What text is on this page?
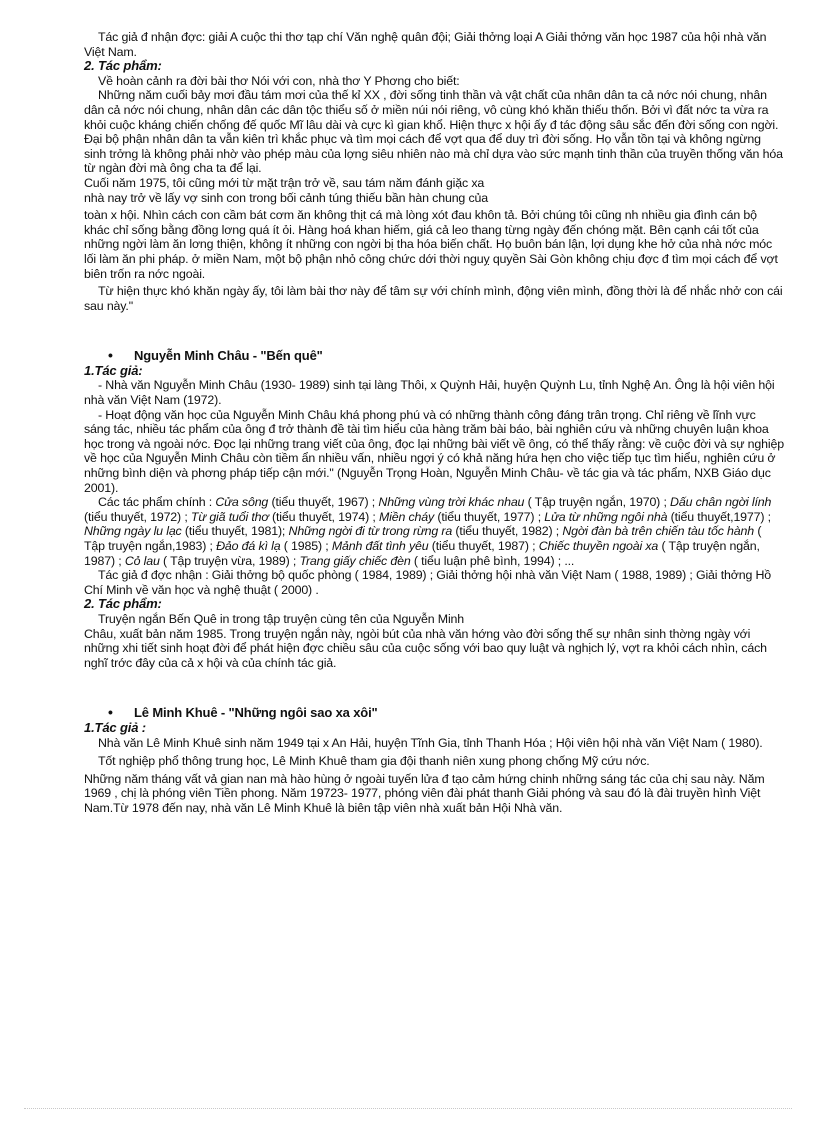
Tác giả đ nhận đợc: giải A cuộc thi thơ tạp chí Văn nghệ quân đội; Giải thởng loại A Giải thởng văn học 1987 của hội nhà văn Việt Nam.

2. Tác phẩm:

Về hoàn cảnh ra đời bài thơ Nói với con, nhà thơ Y Phơng cho biết:

Những năm cuối bảy mơi đầu tám mơi của thế kỉ XX , đời sống tinh thần và vật chất của nhân dân ta cả nớc nói chung, nhân dân cả nớc nói chung, nhân dân các dân tộc thiểu số ở miền núi nói riêng, vô cùng khó khăn thiếu thốn. Bởi vì đất nớc ta vừa ra khỏi cuộc kháng chiến chống đế quốc Mĩ lâu dài và cực kì gian khổ. Hiện thực x hội ấy đ tác động sâu sắc đến đời sống con ngời. Đại bộ phận nhân dân ta vẫn kiên trì khắc phục và tìm mọi cách để vợt qua để duy trì đời sống. Họ vẫn tồn tại và không ngừng sinh trởng là không phải nhờ vào phép màu của lợng siêu nhiên nào mà chỉ dựa vào sức mạnh tinh thần của truyền thống văn hóa từ ngàn đời mà ông cha ta để lại.

Cuối năm 1975, tôi cũng mới từ mặt trận trở về, sau tám năm đánh giặc xa

nhà nay trở về lấy vợ sinh con trong bối cảnh túng thiếu bần hàn chung của

toàn x hội. Nhìn cách con cầm bát cơm ăn không thịt cá mà lòng xót đau khôn tả. Bởi chúng tôi cũng nh nhiều gia đình cán bộ khác chỉ sống bằng đồng lơng quá ít ỏi. Hàng hoá khan hiếm, giá cả leo thang từng ngày đến chóng mặt. Bên cạnh cái tốt của những ngời làm ăn lơng thiện, không ít những con ngời bị tha hóa biến chất. Họ buôn bán lận, lợi dụng khe hở của nhà nớc móc lối làm ăn phi pháp. ở miền Nam, một bộ phận nhỏ công chức dới thời nguỵ quyền Sài Gòn không chịu đợc đ tìm mọi cách để vợt biên trốn ra nớc ngoài.

Từ hiện thực khó khăn ngày ấy, tôi làm bài thơ này để tâm sự với chính mình, động viên mình, đồng thời là để nhắc nhở con cái sau này."

• Nguyễn Minh Châu - "Bến quê"

1.Tác giả:

- Nhà văn Nguyễn Minh Châu (1930- 1989) sinh tại làng Thôi, x Quỳnh Hải, huyện Quỳnh Lu, tỉnh Nghệ An. Ông là hội viên hội nhà văn Việt Nam (1972).

- Hoạt động văn học của Nguyễn Minh Châu khá phong phú và có những thành công đáng trân trọng. Chỉ riêng về lĩnh vực sáng tác, nhiều tác phẩm của ông đ trở thành đề tài tìm hiểu của hàng trăm bài báo, bài nghiên cứu và những chuyên luận khoa học trong và ngoài nớc. Đọc lại những trang viết của ông, đọc lại những bài viết về ông, có thể thấy rằng: về cuộc đời và sự nghiệp về học của Nguyễn Minh Châu còn tiềm ẩn nhiều vấn, nhiều ngợi ý có khả năng hứa hẹn cho việc tiếp tục tìm hiểu, nghiên cứu ở những bình diện và phơng pháp tiếp cận mới." (Nguyễn Trọng Hoàn, Nguyễn Minh Châu- về tác gia và tác phẩm, NXB Giáo dục 2001).

Các tác phẩm chính : Cửa sông (tiểu thuyết, 1967) ; Những vùng trời khác nhau ( Tập truyện ngắn, 1970) ; Dấu chân ngời lính (tiểu thuyết, 1972) ; Từ giã tuổi thơ (tiểu thuyết, 1974) ; Miền cháy (tiểu thuyết, 1977) ; Lửa từ những ngôi nhà (tiểu thuyết,1977) ; Những ngày lu lạc (tiểu thuyết, 1981); Những ngời đi từ trong rừng ra (tiểu thuyết, 1982) ; Ngời đàn bà trên chiến tàu tốc hành ( Tập truyện ngắn,1983) ; Đảo đá kì lạ ( 1985) ; Mảnh đất tình yêu (tiểu thuyết, 1987) ; Chiếc thuyền ngoài xa ( Tập truyện ngắn, 1987) ; Cỏ lau ( Tập truyện vừa, 1989) ; Trang giấy chiếc đèn ( tiểu luận phê bình, 1994) ; ...

Tác giả đ đợc nhận : Giải thởng bộ quốc phòng ( 1984, 1989) ; Giải thởng hội nhà văn Việt Nam ( 1988, 1989) ; Giải thởng Hồ Chí Minh về văn học và nghệ thuật ( 2000) .

2. Tác phẩm:

Truyện ngắn Bến Quê in trong tập truyện cùng tên của Nguyễn Minh

Châu, xuất bản năm 1985. Trong truyện ngắn này, ngòi bút của nhà văn hớng vào đời sống thế sự nhân sinh thờng ngày với những xhi tiết sinh hoạt đời để phát hiện đợc chiều sâu của cuộc sống với bao quy luật và nghịch lý, vợt ra khỏi cách nhìn, cách nghĩ trớc đây của cả x hội và của chính tác giả.

• Lê Minh Khuê - "Những ngôi sao xa xôi"

1.Tác giả :

Nhà văn Lê Minh Khuê sinh năm 1949 tại x An Hải, huyện Tĩnh Gia, tỉnh Thanh Hóa ; Hội viên hội nhà văn Việt Nam ( 1980).

Tốt nghiệp phổ thông trung học, Lê Minh Khuê tham gia đội thanh niên xung phong chống Mỹ cứu nớc.

Những năm tháng vất vả gian nan mà hào hùng ở ngoài tuyến lửa đ tạo cảm hứng chinh những sáng tác của chị sau này. Năm 1969 , chị là phóng viên Tiền phong. Năm 19723- 1977, phóng viên đài phát thanh Giải phóng và sau đó là đài truyền hình Việt Nam.Từ 1978 đến nay, nhà văn Lê Minh Khuê là biên tập viên nhà xuất bản Hội Nhà văn.
